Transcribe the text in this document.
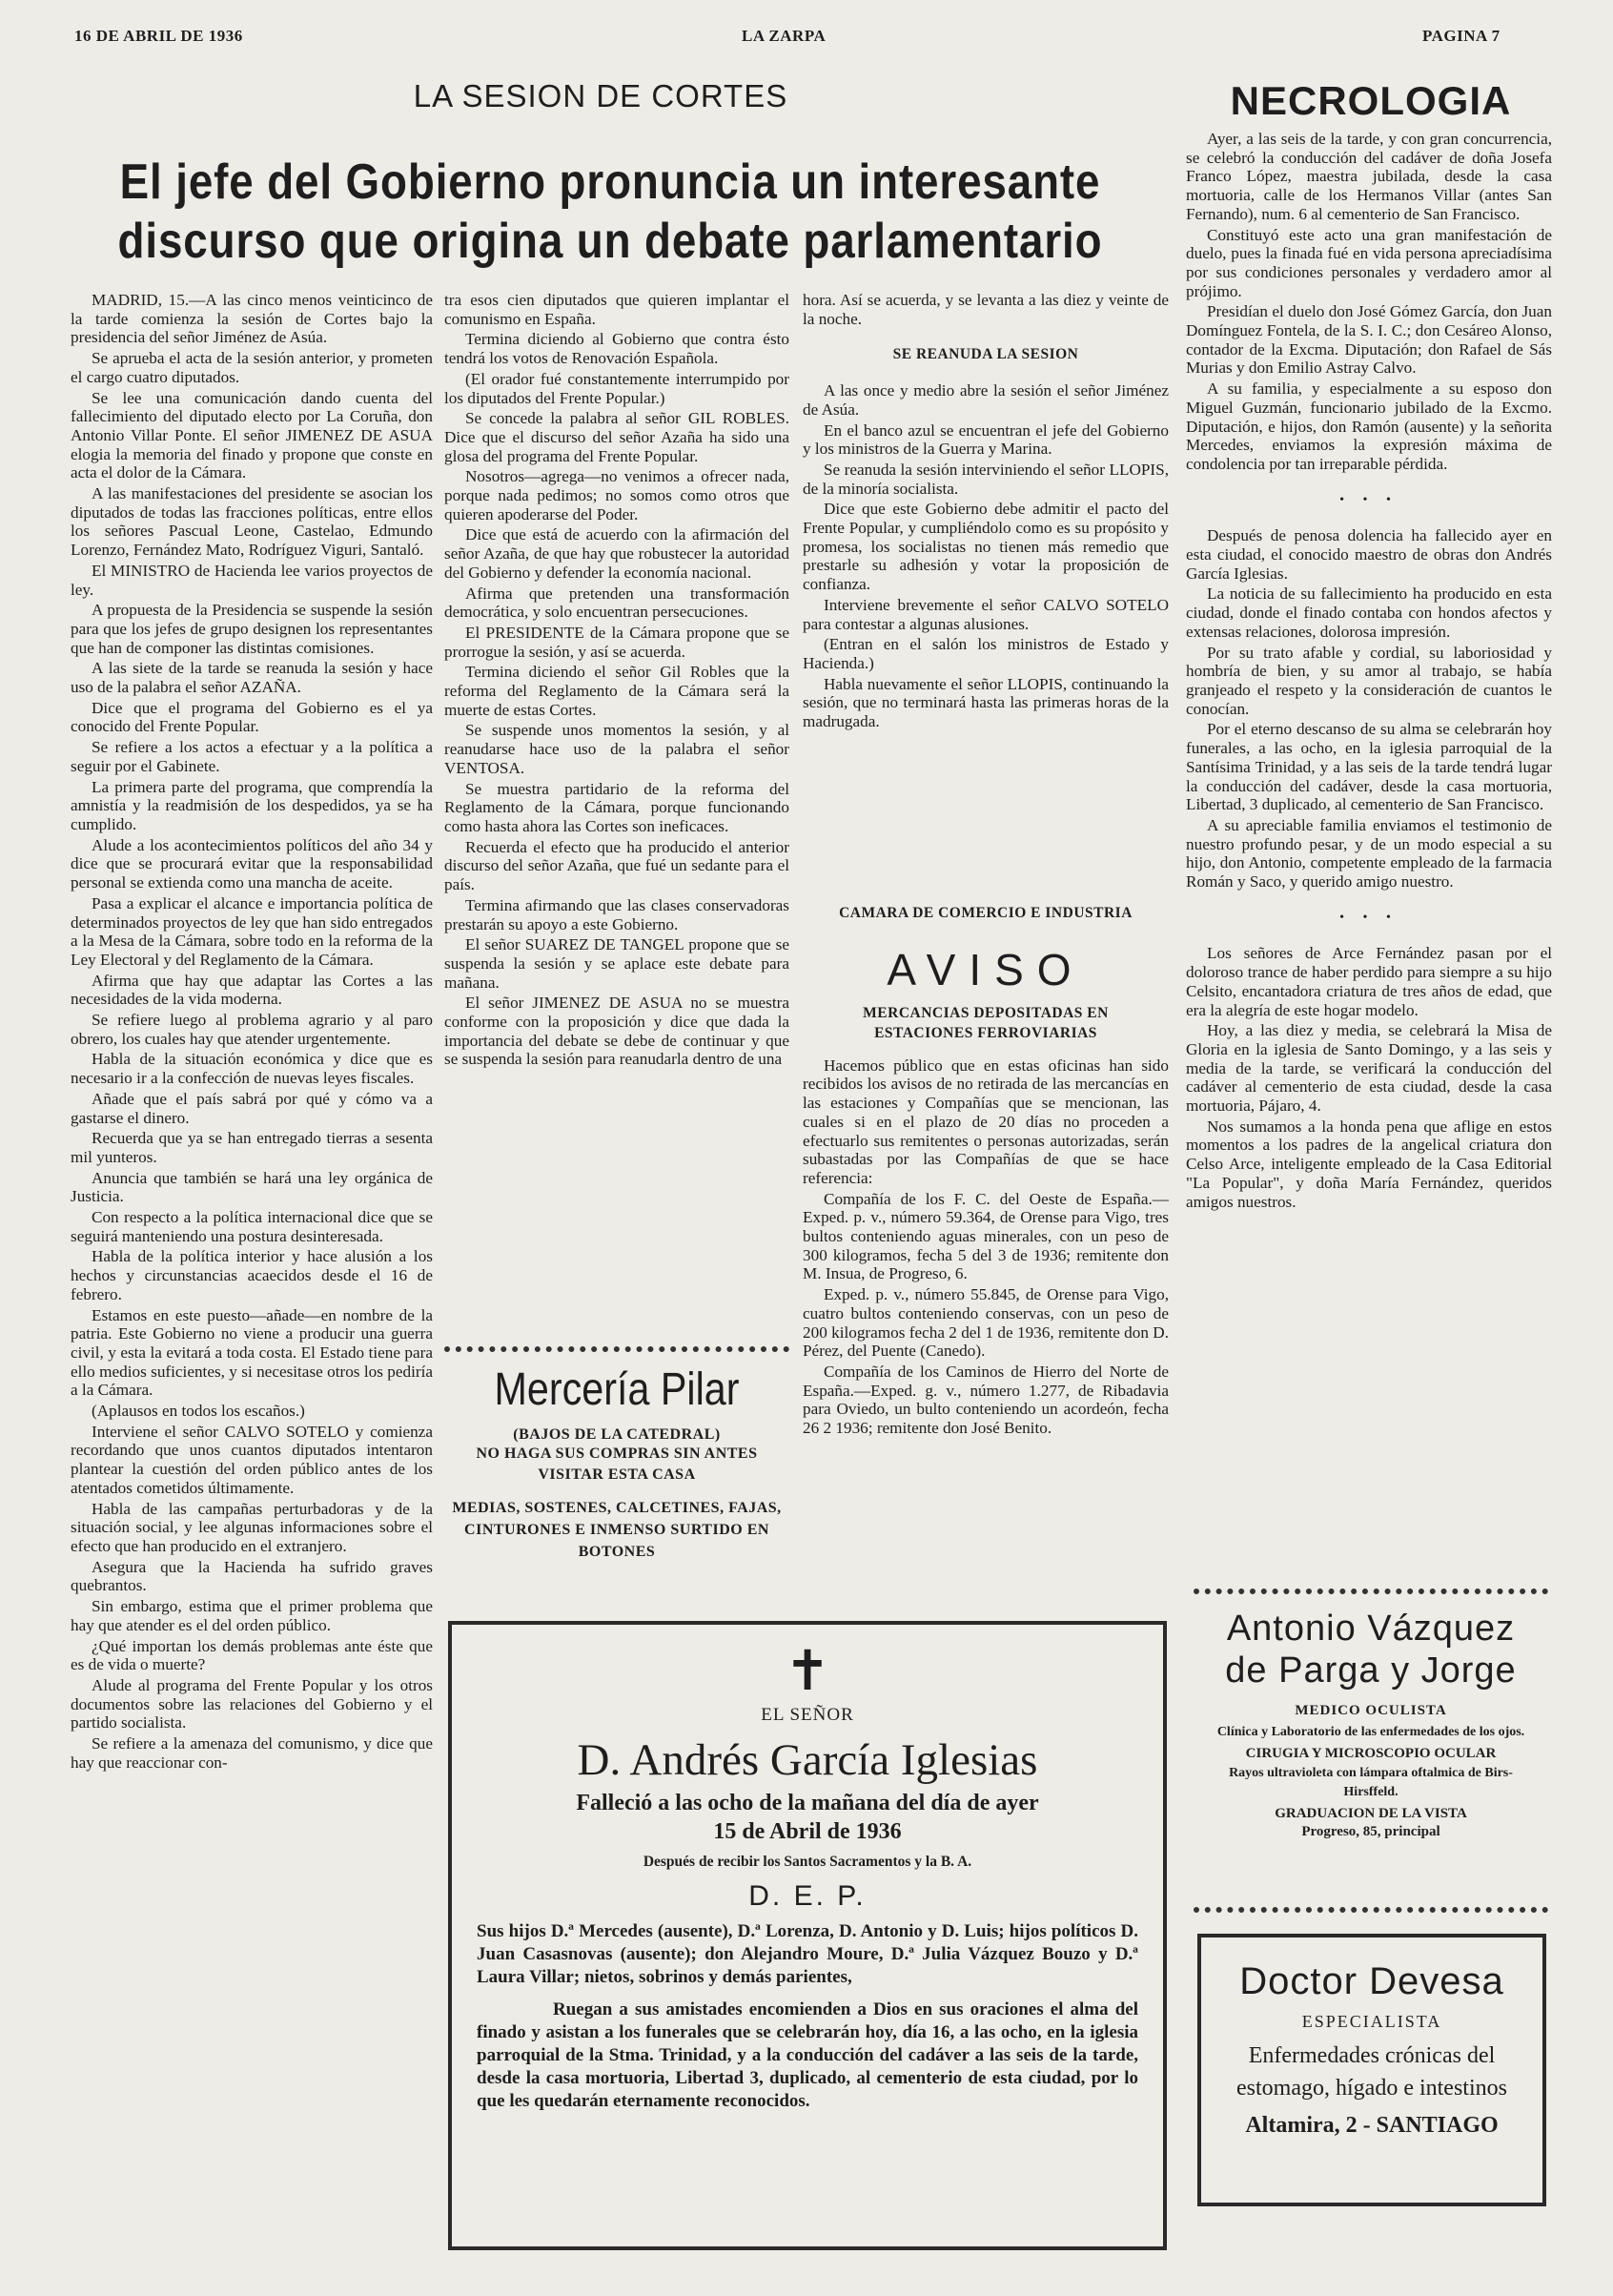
16 DE ABRIL DE 1936	LA ZARPA	PAGINA 7
LA SESION DE CORTES
El jefe del Gobierno pronuncia un interesante discurso que origina un debate parlamentario

MADRID, 15.—A las cinco menos veinticinco de la tarde comienza la sesión de Cortes bajo la presidencia del señor Jiménez de Asúa.

Se aprueba el acta de la sesión anterior, y prometen el cargo cuatro diputados.

Se lee una comunicación dando cuenta del fallecimiento del diputado electo por La Coruña, don Antonio Villar Ponte. El señor JIMENEZ DE ASUA elogia la memoria del finado y propone que conste en acta el dolor de la Cámara.

A las manifestaciones del presidente se asocian los diputados de todas las fracciones políticas, entre ellos los señores Pascual Leone, Castelao, Edmundo Lorenzo, Fernández Mato, Rodríguez Viguri, Santaló.

El MINISTRO de Hacienda lee varios proyectos de ley.

A propuesta de la Presidencia se suspende la sesión para que los jefes de grupo designen los representantes que han de componer las distintas comisiones.

A las siete de la tarde se reanuda la sesión y hace uso de la palabra el señor AZAÑA.

Dice que el programa del Gobierno es el ya conocido del Frente Popular.

Se refiere a los actos a efectuar y a la política a seguir por el Gabinete.

La primera parte del programa, que comprendía la amnistía y la readmisión de los despedidos, ya se ha cumplido.

Alude a los acontecimientos políticos del año 34 y dice que se procurará evitar que la responsabilidad personal se extienda como una mancha de aceite.

Pasa a explicar el alcance e importancia política de determinados proyectos de ley que han sido entregados a la Mesa de la Cámara, sobre todo en la reforma de la Ley Electoral y del Reglamento de la Cámara.

Afirma que hay que adaptar las Cortes a las necesidades de la vida moderna.

Se refiere luego al problema agrario y al paro obrero, los cuales hay que atender urgentemente.

Habla de la situación económica y dice que es necesario ir a la confección de nuevas leyes fiscales.

Añade que el país sabrá por qué y cómo va a gastarse el dinero.

Recuerda que ya se han entregado tierras a sesenta mil yunteros.

Anuncia que también se hará una ley orgánica de Justicia.

Con respecto a la política internacional dice que se seguirá manteniendo una postura desinteresada.

Habla de la política interior y hace alusión a los hechos y circunstancias acaecidos desde el 16 de febrero.

Estamos en este puesto—añade—en nombre de la patria. Este Gobierno no viene a producir una guerra civil, y esta la evitará a toda costa. El Estado tiene para ello medios suficientes, y si necesitase otros los pediría a la Cámara.

(Aplausos en todos los escaños.)

Interviene el señor CALVO SOTELO y comienza recordando que unos cuantos diputados intentaron plantear la cuestión del orden público antes de los atentados cometidos últimamente.

Habla de las campañas perturbadoras y de la situación social, y lee algunas informaciones sobre el efecto que han producido en el extranjero.

Asegura que la Hacienda ha sufrido graves quebrantos.

Sin embargo, estima que el primer problema que hay que atender es el del orden público.

¿Qué importan los demás problemas ante éste que es de vida o muerte?

Alude al programa del Frente Popular y los otros documentos sobre las relaciones del Gobierno y el partido socialista.

Se refiere a la amenaza del comunismo, y dice que hay que reaccionar con-

tra esos cien diputados que quieren implantar el comunismo en España.

Termina diciendo al Gobierno que contra ésto tendrá los votos de Renovación Española.

(El orador fué constantemente interrumpido por los diputados del Frente Popular.)

Se concede la palabra al señor GIL ROBLES. Dice que el discurso del señor Azaña ha sido una glosa del programa del Frente Popular.

Nosotros—agrega—no venimos a ofrecer nada, porque nada pedimos; no somos como otros que quieren apoderarse del Poder.

Dice que está de acuerdo con la afirmación del señor Azaña, de que hay que robustecer la autoridad del Gobierno y defender la economía nacional.

Afirma que pretenden una transformación democrática, y solo encuentran persecuciones.

El PRESIDENTE de la Cámara propone que se prorrogue la sesión, y así se acuerda.

Termina diciendo el señor Gil Robles que la reforma del Reglamento de la Cámara será la muerte de estas Cortes.

Se suspende unos momentos la sesión, y al reanudarse hace uso de la palabra el señor VENTOSA.

Se muestra partidario de la reforma del Reglamento de la Cámara, porque funcionando como hasta ahora las Cortes son ineficaces.

Recuerda el efecto que ha producido el anterior discurso del señor Azaña, que fué un sedante para el país.

Termina afirmando que las clases conservadoras prestarán su apoyo a este Gobierno.

El señor SUAREZ DE TANGEL propone que se suspenda la sesión y se aplace este debate para mañana.

El señor JIMENEZ DE ASUA no se muestra conforme con la proposición y dice que dada la importancia del debate se debe de continuar y que se suspenda la sesión para reanudarla dentro de una

Mercería Pilar
(BAJOS DE LA CATEDRAL)
NO HAGA SUS COMPRAS SIN ANTES VISITAR ESTA CASA
MEDIAS, SOSTENES, CALCETINES, FAJAS, CINTURONES E INMENSO SURTIDO EN BOTONES

hora. Así se acuerda, y se levanta a las diez y veinte de la noche.

SE REANUDA LA SESION

A las once y medio abre la sesión el señor Jiménez de Asúa.

En el banco azul se encuentran el jefe del Gobierno y los ministros de la Guerra y Marina.

Se reanuda la sesión interviniendo el señor LLOPIS, de la minoría socialista.

Dice que este Gobierno debe admitir el pacto del Frente Popular, y cumpliéndolo como es su propósito y promesa, los socialistas no tienen más remedio que prestarle su adhesión y votar la proposición de confianza.

Interviene brevemente el señor CALVO SOTELO para contestar a algunas alusiones.

(Entran en el salón los ministros de Estado y Hacienda.)

Habla nuevamente el señor LLOPIS, continuando la sesión, que no terminará hasta las primeras horas de la madrugada.

CAMARA DE COMERCIO E INDUSTRIA
AVISO
MERCANCIAS DEPOSITADAS EN ESTACIONES FERROVIARIAS

Hacemos público que en estas oficinas han sido recibidos los avisos de no retirada de las mercancías en las estaciones y Compañías que se mencionan, las cuales si en el plazo de 20 días no proceden a efectuarlo sus remitentes o personas autorizadas, serán subastadas por las Compañías de que se hace referencia:

Compañía de los F. C. del Oeste de España.—Exped. p. v., número 59.364, de Orense para Vigo, tres bultos conteniendo aguas minerales, con un peso de 300 kilogramos, fecha 5 del 3 de 1936; remitente don M. Insua, de Progreso, 6.

Exped. p. v., número 55.845, de Orense para Vigo, cuatro bultos conteniendo conservas, con un peso de 200 kilogramos fecha 2 del 1 de 1936, remitente don D. Pérez, del Puente (Canedo).

Compañía de los Caminos de Hierro del Norte de España.—Exped. g. v., número 1.277, de Ribadavia para Oviedo, un bulto conteniendo un acordeón, fecha 26 2 1936; remitente don José Benito.

✝
EL SEÑOR
D. Andrés García Iglesias
Falleció a las ocho de la mañana del día de ayer
15 de Abril de 1936
Después de recibir los Santos Sacramentos y la B. A.
D. E. P.
Sus hijos D.ª Mercedes (ausente), D.ª Lorenza, D. Antonio y D. Luis; hijos políticos D. Juan Casasnovas (ausente); don Alejandro Moure, D.ª Julia Vázquez Bouzo y D.ª Laura Villar; nietos, sobrinos y demás parientes,
Ruegan a sus amistades encomienden a Dios en sus oraciones el alma del finado y asistan a los funerales que se celebrarán hoy, día 16, a las ocho, en la iglesia parroquial de la Stma. Trinidad, y a la conducción del cadáver a las seis de la tarde, desde la casa mortuoria, Libertad 3, duplicado, al cementerio de esta ciudad, por lo que les quedarán eternamente reconocidos.
NECROLOGIA

Ayer, a las seis de la tarde, y con gran concurrencia, se celebró la conducción del cadáver de doña Josefa Franco López, maestra jubilada, desde la casa mortuoria, calle de los Hermanos Villar (antes San Fernando), num. 6 al cementerio de San Francisco.

Constituyó este acto una gran manifestación de duelo, pues la finada fué en vida persona apreciadísima por sus condiciones personales y verdadero amor al prójimo.

Presidían el duelo don José Gómez García, don Juan Domínguez Fontela, de la S. I. C.; don Cesáreo Alonso, contador de la Excma. Diputación; don Rafael de Sás Murias y don Emilio Astray Calvo.

A su familia, y especialmente a su esposo don Miguel Guzmán, funcionario jubilado de la Excmo. Diputación, e hijos, don Ramón (ausente) y la señorita Mercedes, enviamos la expresión máxima de condolencia por tan irreparable pérdida.

• • •

Después de penosa dolencia ha fallecido ayer en esta ciudad, el conocido maestro de obras don Andrés García Iglesias.

La noticia de su fallecimiento ha producido en esta ciudad, donde el finado contaba con hondos afectos y extensas relaciones, dolorosa impresión.

Por su trato afable y cordial, su laboriosidad y hombría de bien, y su amor al trabajo, se había granjeado el respeto y la consideración de cuantos le conocían.

Por el eterno descanso de su alma se celebrarán hoy funerales, a las ocho, en la iglesia parroquial de la Santísima Trinidad, y a las seis de la tarde tendrá lugar la conducción del cadáver, desde la casa mortuoria, Libertad, 3 duplicado, al cementerio de San Francisco.

A su apreciable familia enviamos el testimonio de nuestro profundo pesar, y de un modo especial a su hijo, don Antonio, competente empleado de la farmacia Román y Saco, y querido amigo nuestro.

• • •

Los señores de Arce Fernández pasan por el doloroso trance de haber perdido para siempre a su hijo Celsito, encantadora criatura de tres años de edad, que era la alegría de este hogar modelo.

Hoy, a las diez y media, se celebrará la Misa de Gloria en la iglesia de Santo Domingo, y a las seis y media de la tarde, se verificará la conducción del cadáver al cementerio de esta ciudad, desde la casa mortuoria, Pájaro, 4.

Nos sumamos a la honda pena que aflige en estos momentos a los padres de la angelical criatura don Celso Arce, inteligente empleado de la Casa Editorial "La Popular", y doña María Fernández, queridos amigos nuestros.

Antonio Vázquez
de Parga y Jorge
MEDICO OCULISTA
Clínica y Laboratorio de las enfermedades de los ojos.
CIRUGIA Y MICROSCOPIO OCULAR
Rayos ultravioleta con lámpara oftalmica de Birs-Hirsffeld.
GRADUACION DE LA VISTA
Progreso, 85, principal
Doctor Devesa
ESPECIALISTA
Enfermedades crónicas del estomago, hígado e intestinos
Altamira, 2 - SANTIAGO
